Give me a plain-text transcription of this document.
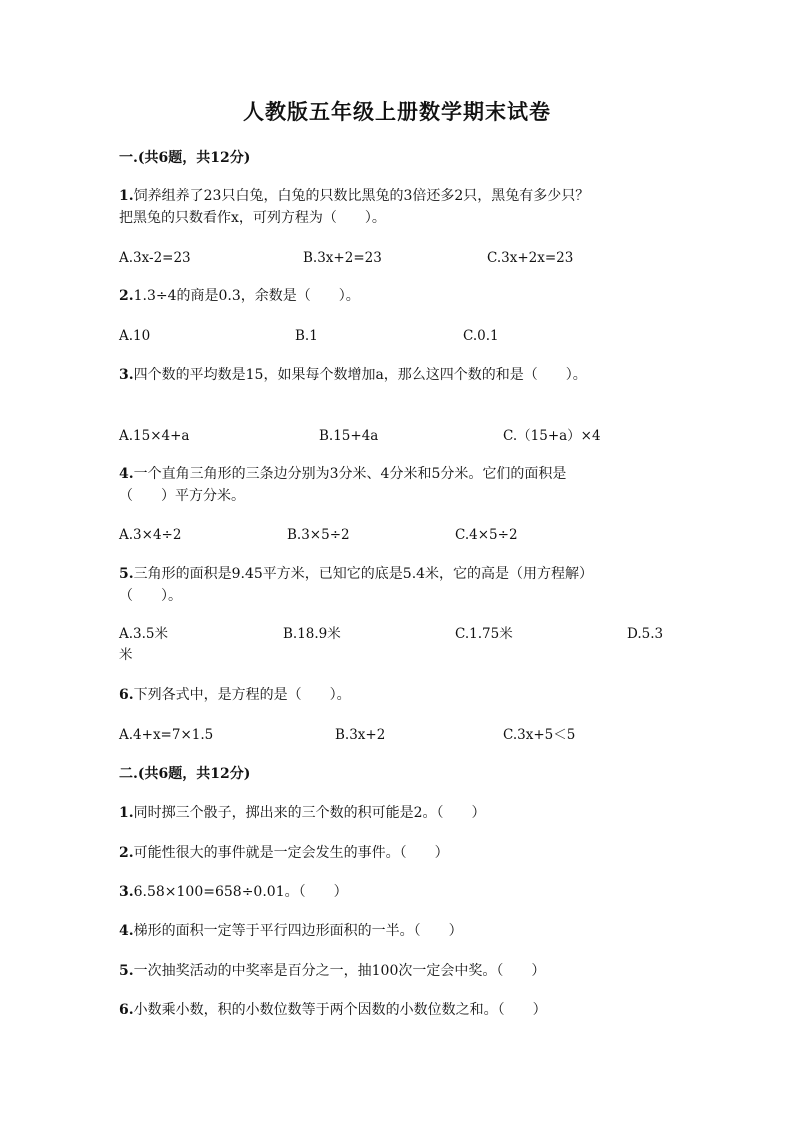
人教版五年级上册数学期末试卷
一.(共6题，共12分)
1.饲养组养了23只白兔，白兔的只数比黑兔的3倍还多2只，黑兔有多少只？
把黑兔的只数看作x，可列方程为（　　）。
A.3x-2=23	B.3x+2=23	C.3x+2x=23
2.1.3÷4的商是0.3，余数是（　　）。
A.10	B.1	C.0.1
3.四个数的平均数是15，如果每个数增加a，那么这四个数的和是（　　）。
A.15×4+a	B.15+4a	C.（15+a）×4
4.一个直角三角形的三条边分别为3分米、4分米和5分米。它们的面积是
（　　）平方分米。
A.3×4÷2	B.3×5÷2	C.4×5÷2
5.三角形的面积是9.45平方米，已知它的底是5.4米，它的高是（用方程解）
（　　）。
A.3.5米	B.18.9米	C.1.75米	D.5.3
米
6.下列各式中，是方程的是（　　）。
A.4+x=7×1.5	B.3x+2	C.3x+5＜5
二.(共6题，共12分)
1.同时掷三个骰子，掷出来的三个数的积可能是2。（　　）
2.可能性很大的事件就是一定会发生的事件。（　　）
3.6.58×100=658÷0.01。（　　）
4.梯形的面积一定等于平行四边形面积的一半。（　　）
5.一次抽奖活动的中奖率是百分之一，抽100次一定会中奖。（　　）
6.小数乘小数，积的小数位数等于两个因数的小数位数之和。（　　）
